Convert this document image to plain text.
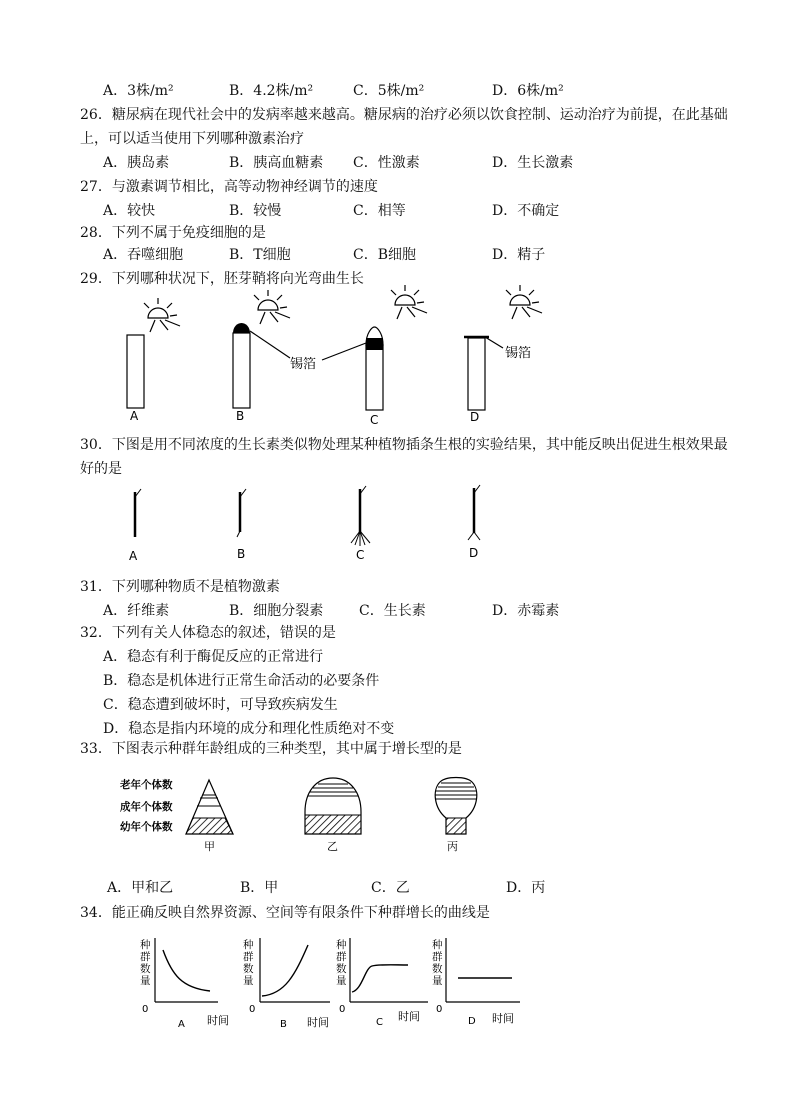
A．3株/m²	B．4.2株/m²	C．5株/m²	D．6株/m²
26．糖尿病在现代社会中的发病率越来越高。糖尿病的治疗必须以饮食控制、运动治疗为前提，在此基础
上，可以适当使用下列哪种激素治疗
A．胰岛素	B．胰高血糖素 C．性激素	D．生长激素
27．与激素调节相比，高等动物神经调节的速度
A．较快	B．较慢	C．相等	D．不确定
28．下列不属于免疫细胞的是
A．吞噬细胞	B．T细胞	C．B细胞	D．精子
29．下列哪种状况下，胚芽鞘将向光弯曲生长
锡箔
锡箔
A	B	C	D
30．下图是用不同浓度的生长素类似物处理某种植物插条生根的实验结果，其中能反映出促进生根效果最
好的是
A	B	C	D
31．下列哪种物质不是植物激素
A．纤维素	B．细胞分裂素	C．生长素	D．赤霉素
32．下列有关人体稳态的叙述，错误的是
A．稳态有利于酶促反应的正常进行
B．稳态是机体进行正常生命活动的必要条件
C．稳态遭到破坏时，可导致疾病发生
D．稳态是指内环境的成分和理化性质绝对不变
33．下图表示种群年龄组成的三种类型，其中属于增长型的是
老年个体数
成年个体数
幼年个体数
甲	乙	丙
A．甲和乙	B．甲	C．乙	D．丙
34．能正确反映自然界资源、空间等有限条件下种群增长的曲线是
种
群
数
量
种
群
数
量
种
群
数
量
种
群
数
量
0	0	0	0
时间	时间	时间	时间
A	B	C	D
